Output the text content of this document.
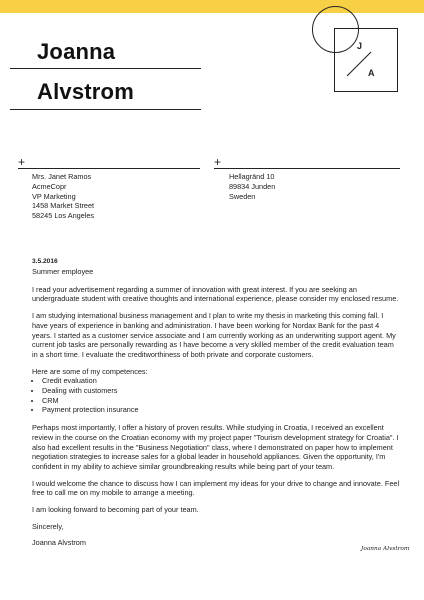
Joanna
Alvstrom
J
A
+	+
Mrs. Janet Ramos
AcmeCopr
VP Marketing
1458 Market Street
58245 Los Angeles
Hellagränd 10
89834 Junden
Sweden
3.5.2016

Summer employee

I read your advertisement regarding a summer of innovation with great interest. If you are seeking an undergraduate student with creative thoughts and international experience, please consider my enclosed resume.

I am studying international business management and I plan to write my thesis in marketing this coming fall. I have years of experience in banking and administration. I have been working for Nordax Bank for the past 4 years. I started as a customer service associate and I am currently working as an underwriting support agent. My current job tasks are personally rewarding as I have become a very skilled member of the credit evaluation team in a short time. I evaluate the creditworthiness of both private and corporate customers.

Here are some of my competences:
• Credit evaluation
• Dealing with customers
• CRM
• Payment protection insurance

Perhaps most importantly, I offer a history of proven results. While studying in Croatia, I received an excellent review in the course on the Croatian economy with my project paper "Tourism development strategy for Croatia". I also had excellent results in the "Business Negotiation" class, where I demonstrated on paper how to implement negotiation strategies to increase sales for a global leader in household appliances. Given the opportunity, I'm confident in my ability to achieve similar groundbreaking results while being part of your team.

I would welcome the chance to discuss how I can implement my ideas for your drive to change and innovate. Feel free to call me on my mobile to arrange a meeting.

I am looking forward to becoming part of your team.

Sincerely,

Joanna Alvstrom

Joanna Alvstrom
